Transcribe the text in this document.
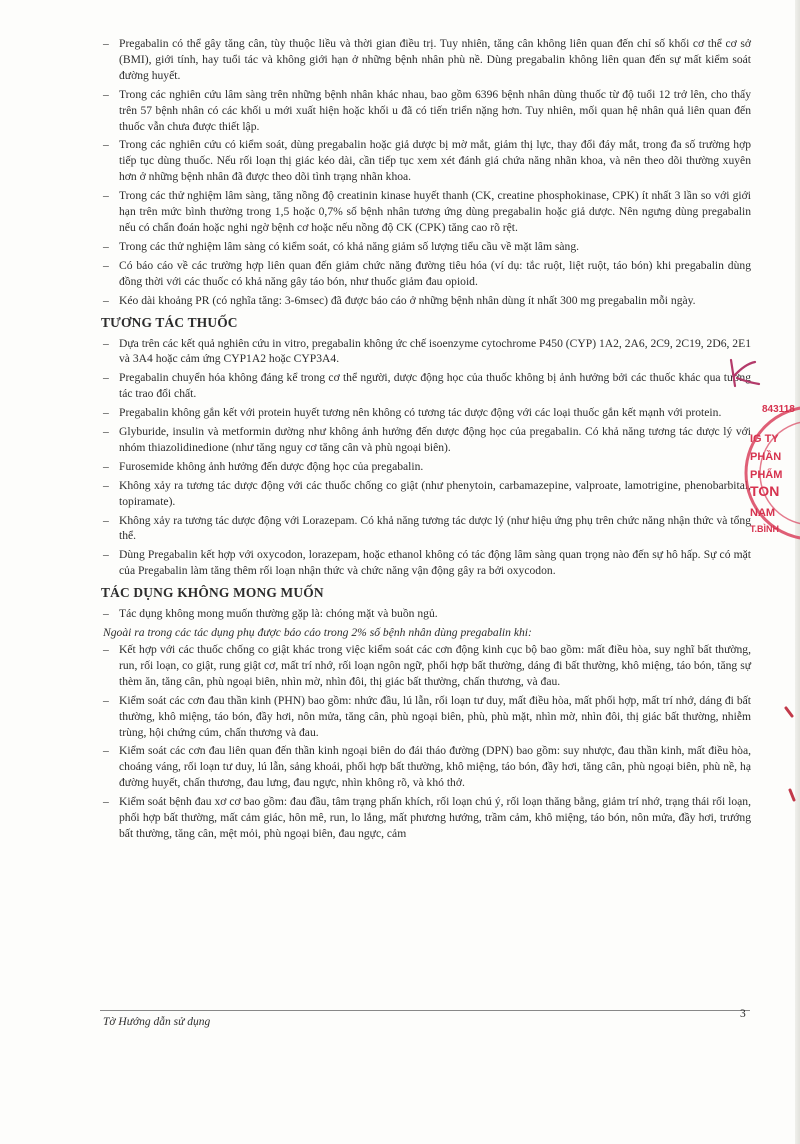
– Pregabalin có thể gây tăng cân, tùy thuộc liều và thời gian điều trị. Tuy nhiên, tăng cân không liên quan đến chỉ số khối cơ thể cơ sở (BMI), giới tính, hay tuổi tác và không giới hạn ở những bệnh nhân phù nề. Dùng pregabalin không liên quan đến sự mất kiểm soát đường huyết.
– Trong các nghiên cứu lâm sàng trên những bệnh nhân khác nhau, bao gồm 6396 bệnh nhân dùng thuốc từ độ tuổi 12 trở lên, cho thấy trên 57 bệnh nhân có các khối u mới xuất hiện hoặc khối u đã có tiến triển nặng hơn. Tuy nhiên, mối quan hệ nhân quả liên quan đến thuốc vẫn chưa được thiết lập.
– Trong các nghiên cứu có kiểm soát, dùng pregabalin hoặc giả dược bị mờ mắt, giảm thị lực, thay đổi đáy mắt, trong đa số trường hợp tiếp tục dùng thuốc. Nếu rối loạn thị giác kéo dài, cần tiếp tục xem xét đánh giá chứa năng nhãn khoa, và nên theo dõi thường xuyên hơn ở những bệnh nhân đã được theo dõi tình trạng nhãn khoa.
– Trong các thử nghiệm lâm sàng, tăng nồng độ creatinin kinase huyết thanh (CK, creatine phosphokinase, CPK) ít nhất 3 lần so với giới hạn trên mức bình thường trong 1,5 hoặc 0,7% số bệnh nhân tương ứng dùng pregabalin hoặc giả dược. Nên ngưng dùng pregabalin nếu có chẩn đoán hoặc nghi ngờ bệnh cơ hoặc nếu nồng độ CK (CPK) tăng cao rõ rệt.
– Trong các thử nghiệm lâm sàng có kiểm soát, có khả năng giảm số lượng tiểu cầu về mặt lâm sàng.
– Có báo cáo về các trường hợp liên quan đến giảm chức năng đường tiêu hóa (ví dụ: tắc ruột, liệt ruột, táo bón) khi pregabalin dùng đồng thời với các thuốc có khả năng gây táo bón, như thuốc giảm đau opioid.
– Kéo dài khoảng PR (có nghĩa tăng: 3-6msec) đã được báo cáo ở những bệnh nhân dùng ít nhất 300 mg pregabalin mỗi ngày.
TƯƠNG TÁC THUỐC
– Dựa trên các kết quả nghiên cứu in vitro, pregabalin không ức chế isoenzyme cytochrome P450 (CYP) 1A2, 2A6, 2C9, 2C19, 2D6, 2E1 và 3A4 hoặc cảm ứng CYP1A2 hoặc CYP3A4.
– Pregabalin chuyển hóa không đáng kể trong cơ thể người, dược động học của thuốc không bị ảnh hưởng bởi các thuốc khác qua tương tác trao đổi chất.
– Pregabalin không gắn kết với protein huyết tương nên không có tương tác dược động với các loại thuốc gắn kết mạnh với protein.
– Glyburide, insulin và metformin dường như không ảnh hưởng đến dược động học của pregabalin. Có khả năng tương tác dược lý với nhóm thiazolidinedione (như tăng nguy cơ tăng cân và phù ngoại biên).
– Furosemide không ảnh hưởng đến dược động học của pregabalin.
– Không xảy ra tương tác dược động với các thuốc chống co giật (như phenytoin, carbamazepine, valproate, lamotrigine, phenobarbital, topiramate).
– Không xảy ra tương tác dược động với Lorazepam. Có khả năng tương tác dược lý (như hiệu ứng phụ trên chức năng nhận thức và tổng thể.
– Dùng Pregabalin kết hợp với oxycodon, lorazepam, hoặc ethanol không có tác động lâm sàng quan trọng nào đến sự hô hấp. Sự có mặt của Pregabalin làm tăng thêm rối loạn nhận thức và chức năng vận động gây ra bởi oxycodon.
TÁC DỤNG KHÔNG MONG MUỐN
– Tác dụng không mong muốn thường gặp là: chóng mặt và buồn ngủ.
Ngoài ra trong các tác dụng phụ được báo cáo trong 2% số bệnh nhân dùng pregabalin khi:
– Kết hợp với các thuốc chống co giật khác trong việc kiểm soát các cơn động kinh cục bộ bao gồm: mất điều hòa, suy nghĩ bất thường, run, rối loạn, co giật, rung giật cơ, mất trí nhớ, rối loạn ngôn ngữ, phối hợp bất thường, dáng đi bất thường, khô miệng, táo bón, tăng sự thèm ăn, tăng cân, phù ngoại biên, nhìn mờ, nhìn đôi, thị giác bất thường, chấn thương, và đau.
– Kiểm soát các cơn đau thần kinh (PHN) bao gồm: nhức đầu, lú lẫn, rối loạn tư duy, mất điều hòa, mất phối hợp, mất trí nhớ, dáng đi bất thường, khô miệng, táo bón, đầy hơi, nôn mửa, tăng cân, phù ngoại biên, phù, phù mặt, nhìn mờ, nhìn đôi, thị giác bất thường, nhiễm trùng, hội chứng cúm, chấn thương và đau.
– Kiểm soát các cơn đau liên quan đến thần kinh ngoại biên do đái tháo đường (DPN) bao gồm: suy nhược, đau thần kinh, mất điều hòa, choáng váng, rối loạn tư duy, lú lẫn, sảng khoái, phối hợp bất thường, khô miệng, táo bón, đầy hơi, tăng cân, phù ngoại biên, phù nề, hạ đường huyết, chấn thương, đau lưng, đau ngực, nhìn không rõ, và khó thở.
– Kiểm soát bệnh đau xơ cơ bao gồm: đau đầu, tâm trạng phấn khích, rối loạn chú ý, rối loạn thăng bằng, giảm trí nhớ, trạng thái rối loạn, phối hợp bất thường, mất cảm giác, hôn mê, run, lo lắng, mất phương hướng, trầm cảm, khô miệng, táo bón, nôn mửa, đầy hơi, trướng bất thường, tăng cân, mệt mỏi, phù ngoại biên, đau ngực, cảm
843118
IG TY
PHẦN
PHẨM
TON
NAM
T.BÌNH
Tờ Hướng dẫn sử dụng
3
